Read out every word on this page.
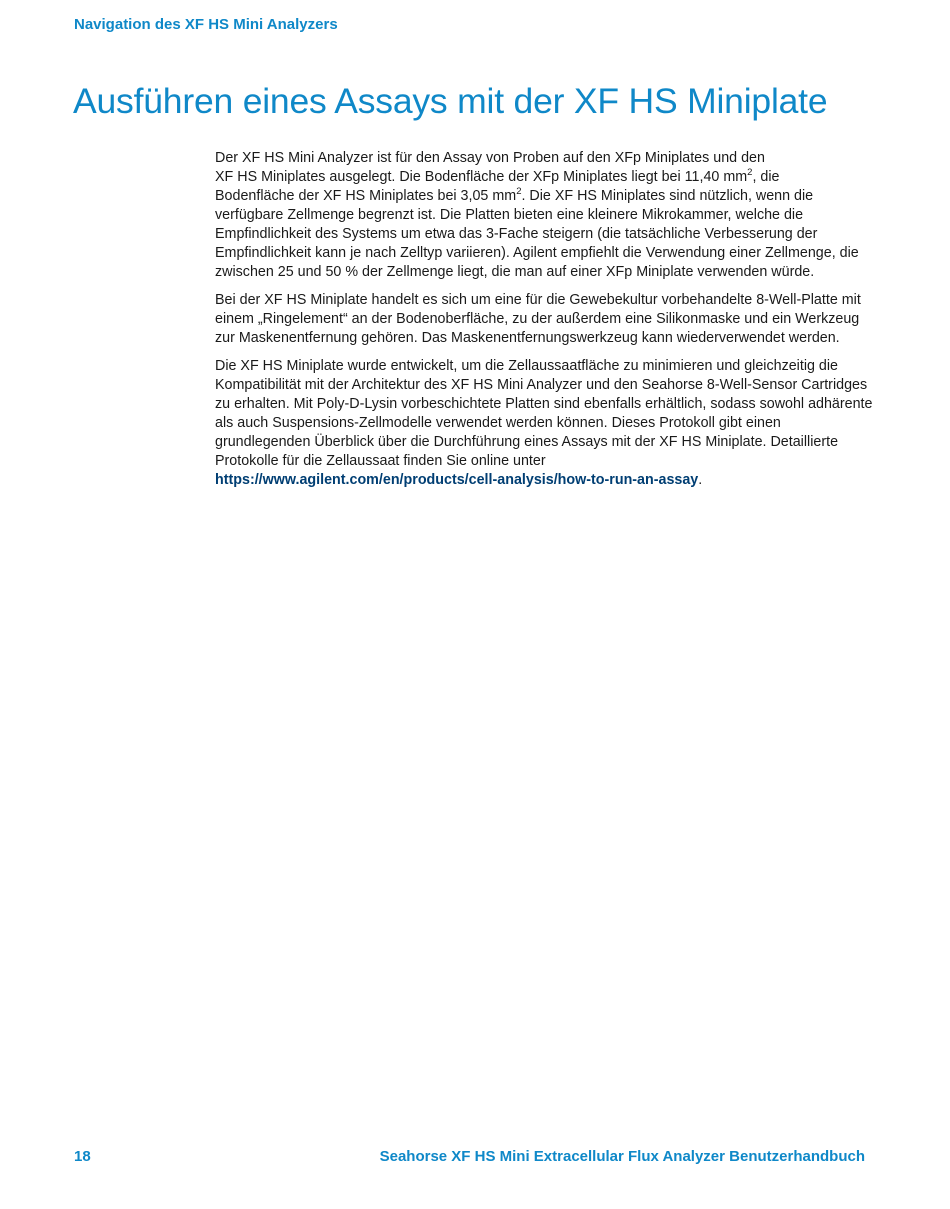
Navigation des XF HS Mini Analyzers
Ausführen eines Assays mit der XF HS Miniplate

Der XF HS Mini Analyzer ist für den Assay von Proben auf den XFp Miniplates und den
XF HS Miniplates ausgelegt. Die Bodenfläche der XFp Miniplates liegt bei 11,40 $mm^2$, die
Bodenfläche der XF HS Miniplates bei 3,05 $mm^2$. Die XF HS Miniplates sind nützlich, wenn die verfügbare Zellmenge begrenzt ist. Die Platten bieten eine kleinere Mikrokammer, welche die Empfindlichkeit des Systems um etwa das 3-Fache steigern (die tatsächliche Verbesserung der Empfindlichkeit kann je nach Zelltyp variieren). Agilent empfiehlt die Verwendung einer Zellmenge, die zwischen 25 und 50 % der Zellmenge liegt, die man auf einer XFp Miniplate verwenden würde.

Bei der XF HS Miniplate handelt es sich um eine für die Gewebekultur vorbehandelte 8-Well-Platte mit einem „Ringelement“ an der Bodenoberfläche, zu der außerdem eine Silikonmaske und ein Werkzeug zur Maskenentfernung gehören. Das Maskenentfernungswerkzeug kann wiederverwendet werden.

Die XF HS Miniplate wurde entwickelt, um die Zellaussaatfläche zu minimieren und gleichzeitig die Kompatibilität mit der Architektur des XF HS Mini Analyzer und den Seahorse 8-Well-Sensor Cartridges zu erhalten. Mit Poly-D-Lysin vorbeschichtete Platten sind ebenfalls erhältlich, sodass sowohl adhärente als auch Suspensions-Zellmodelle verwendet werden können. Dieses Protokoll gibt einen grundlegenden Überblick über die Durchführung eines Assays mit der XF HS Miniplate. Detaillierte Protokolle für die Zellaussaat finden Sie online unter
https://www.agilent.com/en/products/cell-analysis/how-to-run-an-assay.

18	Seahorse XF HS Mini Extracellular Flux Analyzer Benutzerhandbuch
